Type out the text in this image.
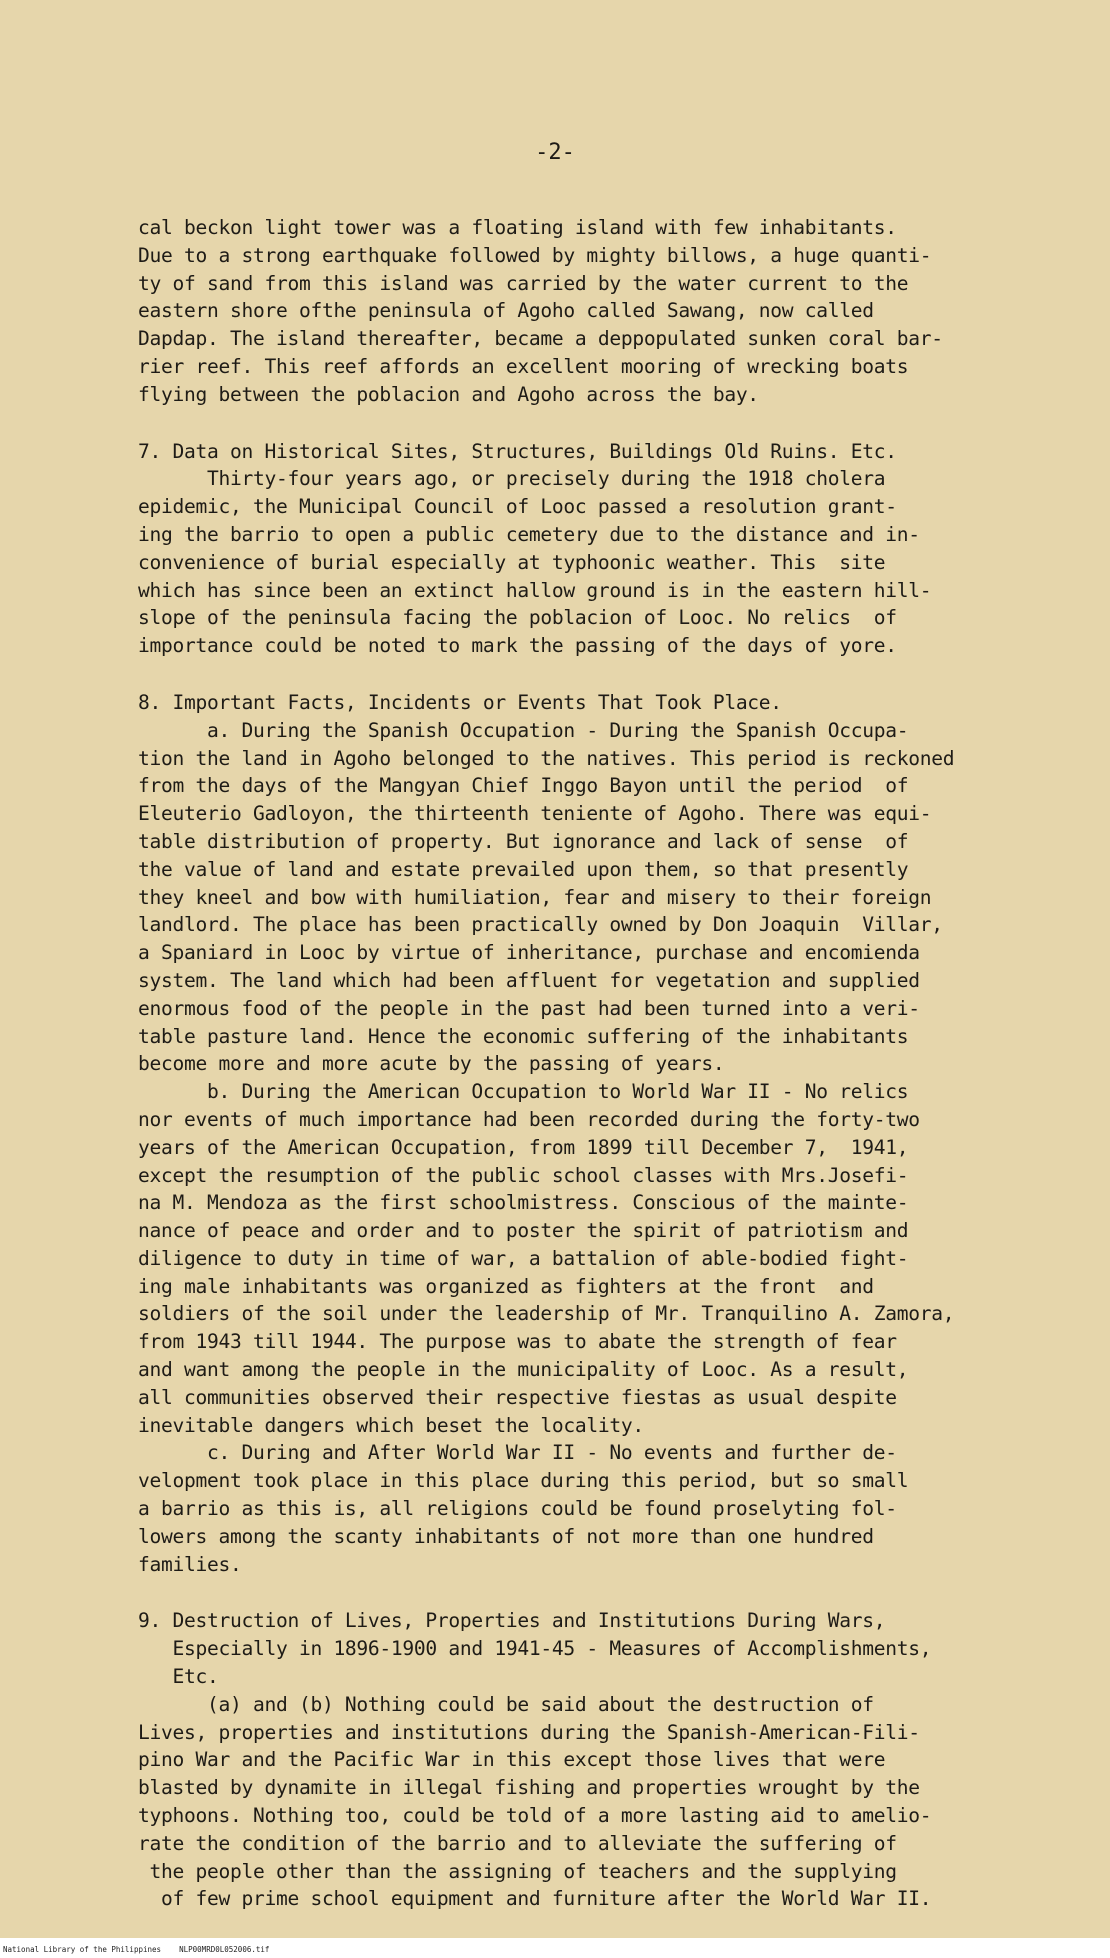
-2-
cal beckon light tower was a floating island with few inhabitants.
Due to a strong earthquake followed by mighty billows, a huge quanti-
ty of sand from this island was carried by the water current to the
eastern shore ofthe peninsula of Agoho called Sawang, now called
Dapdap. The island thereafter, became a deppopulated sunken coral bar-
rier reef. This reef affords an excellent mooring of wrecking boats
flying between the poblacion and Agoho across the bay.
7. Data on Historical Sites, Structures, Buildings Old Ruins. Etc.
Thirty-four years ago, or precisely during the 1918 cholera
epidemic, the Municipal Council of Looc passed a resolution grant-
ing the barrio to open a public cemetery due to the distance and in-
convenience of burial especially at typhoonic weather. This  site
which has since been an extinct hallow ground is in the eastern hill-
slope of the peninsula facing the poblacion of Looc. No relics  of
importance could be noted to mark the passing of the days of yore.
8. Important Facts, Incidents or Events That Took Place.
a. During the Spanish Occupation - During the Spanish Occupa-
tion the land in Agoho belonged to the natives. This period is reckoned
from the days of the Mangyan Chief Inggo Bayon until the period  of
Eleuterio Gadloyon, the thirteenth teniente of Agoho. There was equi-
table distribution of property. But ignorance and lack of sense  of
the value of land and estate prevailed upon them, so that presently
they kneel and bow with humiliation, fear and misery to their foreign
landlord. The place has been practically owned by Don Joaquin  Villar,
a Spaniard in Looc by virtue of inheritance, purchase and encomienda
system. The land which had been affluent for vegetation and supplied
enormous food of the people in the past had been turned into a veri-
table pasture land. Hence the economic suffering of the inhabitants
become more and more acute by the passing of years.
b. During the American Occupation to World War II - No relics
nor events of much importance had been recorded during the forty-two
years of the American Occupation, from 1899 till December 7,  1941,
except the resumption of the public school classes with Mrs.Josefi-
na M. Mendoza as the first schoolmistress. Conscious of the mainte-
nance of peace and order and to poster the spirit of patriotism and
diligence to duty in time of war, a battalion of able-bodied fight-
ing male inhabitants was organized as fighters at the front  and
soldiers of the soil under the leadership of Mr. Tranquilino A. Zamora,
from 1943 till 1944. The purpose was to abate the strength of fear
and want among the people in the municipality of Looc. As a result,
all communities observed their respective fiestas as usual despite
inevitable dangers which beset the locality.
c. During and After World War II - No events and further de-
velopment took place in this place during this period, but so small
a barrio as this is, all religions could be found proselyting fol-
lowers among the scanty inhabitants of not more than one hundred
families.
9. Destruction of Lives, Properties and Institutions During Wars,
Especially in 1896-1900 and 1941-45 - Measures of Accomplishments,
Etc.
(a) and (b) Nothing could be said about the destruction of
Lives, properties and institutions during the Spanish-American-Fili-
pino War and the Pacific War in this except those lives that were
blasted by dynamite in illegal fishing and properties wrought by the
typhoons. Nothing too, could be told of a more lasting aid to amelio-
rate the condition of the barrio and to alleviate the suffering of
the people other than the assigning of teachers and the supplying
of few prime school equipment and furniture after the World War II.
National Library of the Philippines    NLP00MRD0L052006.tif
